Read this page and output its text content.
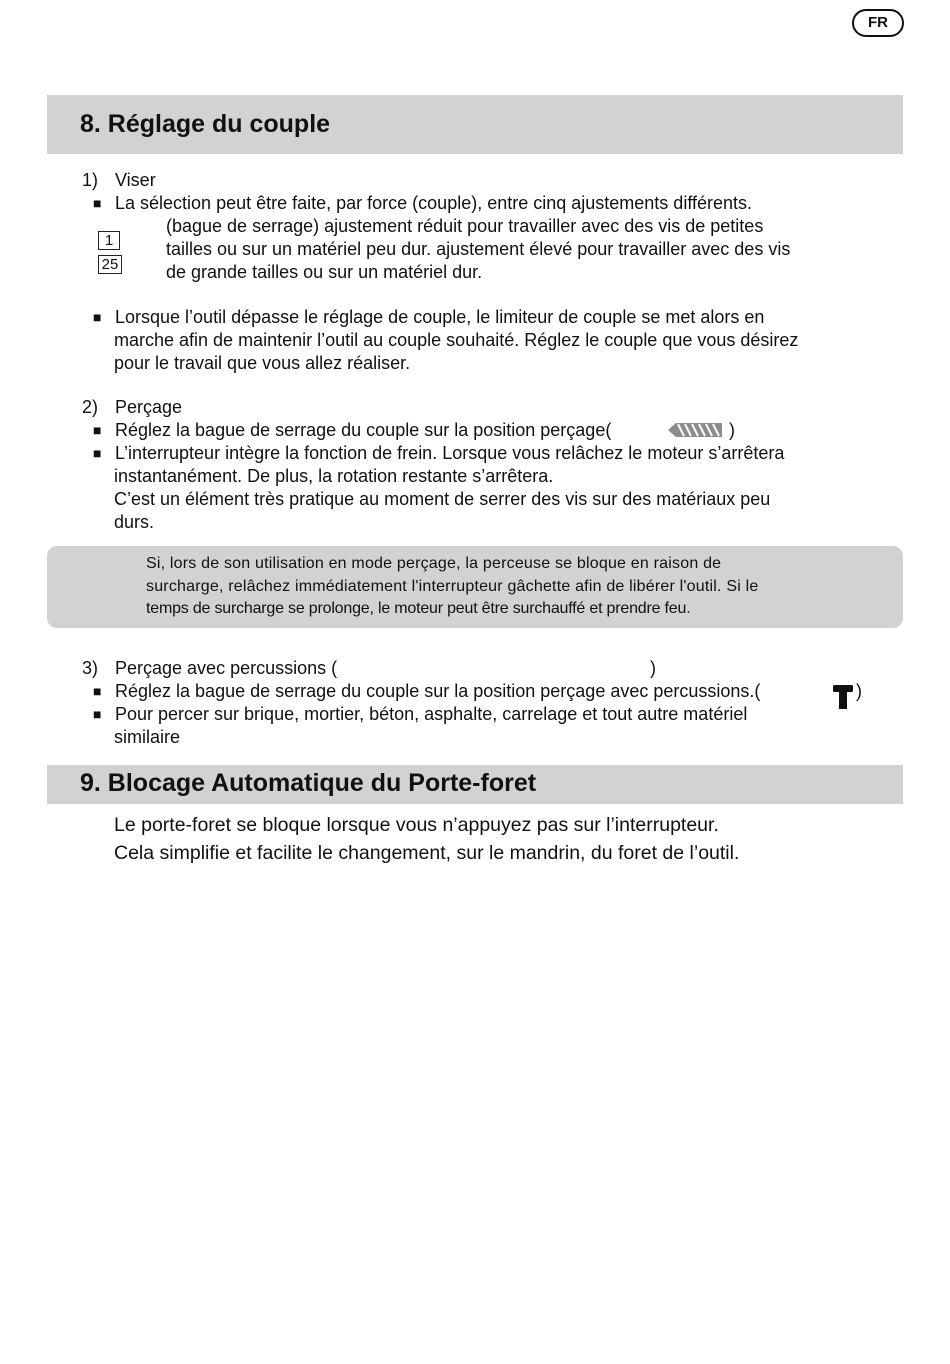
FR
8. Réglage du couple
1) Viser
■ La sélection peut être faite, par force (couple), entre cinq ajustements différents.
1
25
(bague de serrage) ajustement réduit pour travailler avec des vis de petites
tailles ou sur un matériel peu dur. ajustement élevé pour travailler avec des vis
de grande tailles ou sur un matériel dur.
■ Lorsque l’outil dépasse le réglage de couple, le limiteur de couple se met alors en
marche afin de maintenir l’outil au couple souhaité. Réglez le couple que vous désirez
pour le travail que vous allez réaliser.
2) Perçage
■ Réglez la bague de serrage du couple sur la position perçage(	)
■ L’interrupteur intègre la fonction de frein. Lorsque vous relâchez le moteur s’arrêtera
instantanément. De plus, la rotation restante s’arrêtera.
C’est un élément très pratique au moment de serrer des vis sur des matériaux peu
durs.
Si, lors de son utilisation en mode perçage, la perceuse se bloque en raison de
surcharge, relâchez immédiatement l'interrupteur gâchette afin de libérer l'outil. Si le
temps de surcharge se prolonge, le moteur peut être surchauffé et prendre feu.
3) Perçage avec percussions (	)
■ Réglez la bague de serrage du couple sur la position perçage avec percussions.(	)
■ Pour percer sur brique, mortier, béton, asphalte, carrelage et tout autre matériel
similaire
9. Blocage Automatique du Porte-foret
Le porte-foret se bloque lorsque vous n’appuyez pas sur l’interrupteur.
Cela simplifie et facilite le changement, sur le mandrin, du foret de l’outil.
